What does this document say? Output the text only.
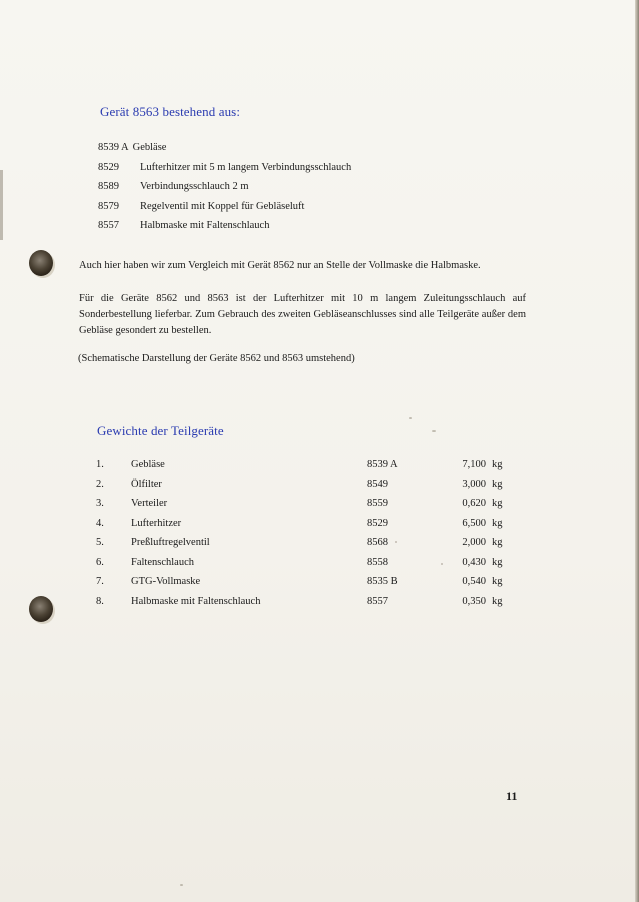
Gerät 8563 bestehend aus:
8539 A Gebläse
8529 Lufterhitzer mit 5 m langem Verbindungsschlauch
8589 Verbindungsschlauch 2 m
8579 Regelventil mit Koppel für Gebläseluft
8557 Halbmaske mit Faltenschlauch
Auch hier haben wir zum Vergleich mit Gerät 8562 nur an Stelle der Vollmaske die Halbmaske.
Für die Geräte 8562 und 8563 ist der Lufterhitzer mit 10 m langem Zuleitungsschlauch auf Sonderbestellung lieferbar. Zum Gebrauch des zweiten Gebläseanschlusses sind alle Teilgeräte außer dem Gebläse gesondert zu bestellen.
(Schematische Darstellung der Geräte 8562 und 8563 umstehend)
Gewichte der Teilgeräte
1.	Gebläse	8539 A	7,100 kg
2.	Ölfilter	8549	3,000 kg
3.	Verteiler	8559	0,620 kg
4.	Lufterhitzer	8529	6,500 kg
5.	Preßluftregelventil	8568	2,000 kg
6.	Faltenschlauch	8558	0,430 kg
7.	GTG-Vollmaske	8535 B	0,540 kg
8.	Halbmaske mit Faltenschlauch	8557	0,350 kg
11
